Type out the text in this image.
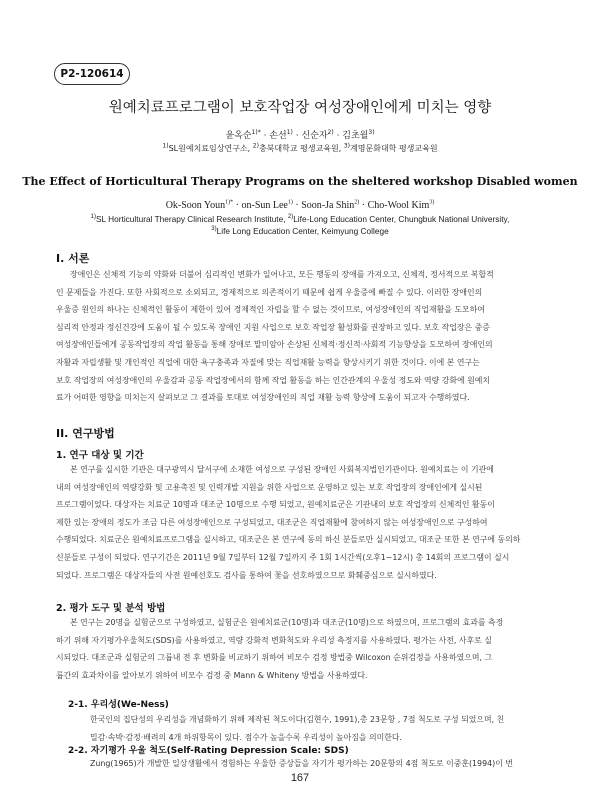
P2-120614
원예치료프로그램이 보호작업장 여성장애인에게 미치는 영향
윤옥순$^{1)*}$ · 손선$^{1)}$ · 신순자$^{2)}$ · 김초월$^{3)}$
$^{1)}$SL원예치료임상연구소, $^{2)}$충북대학교 평생교육원, $^{3)}$계명문화대학 평생교육원
The Effect of Horticultural Therapy Programs on the sheltered workshop Disabled women
Ok-Soon Youn$^{1)*}$ · on-Sun Lee$^{1)}$ · Soon-Ja Shin$^{2)}$ · Cho-Wool Kim$^{3)}$
$^{1)}$SL Horticultural Therapy Clinical Research Institute, $^{2)}$Life-Long Education Center, Chungbuk National University,
$^{3)}$Life Long Education Center, Keimyung College
I. 서론
장애인은 신체적 기능의 약화와 더불어 심리적인 변화가 일어나고, 모든 행동의 장애를 가져오고, 신체적, 정서적으로 복합적
인 문제들을 가진다. 또한 사회적으로 소외되고, 경제적으로 의존적이기 때문에 쉽게 우울증에 빠질 수 있다. 이러한 장애인의
우울증 원인의 하나는 신체적인 활동이 제한이 있어 경제적인 자립을 할 수 없는 것이므로, 여성장애인의 직업재활을 도모하여
심리적 안정과 정신건강에 도움이 될 수 있도록 장애인 지원 사업으로 보호 작업장 활성화를 권장하고 있다. 보호 작업장은 중증
여성장애인들에게 공동작업장의 작업 활동을 통해 장애로 말미암아 손상된 신체적·정신적·사회적 기능향상을 도모하여 장애인의
자활과 자립생활 및 개인적인 직업에 대한 욕구충족과 자질에 맞는 직업재활 능력을 향상시키기 위한 것이다. 이에 본 연구는
보호 작업장의 여성장애인의 우울감과 공동 작업장에서의 함께 작업 활동을 하는 인간관계의 우울성 정도와 역량 강화에 원예치
료가 어떠한 영향을 미치는지 살펴보고 그 결과를 토대로 여성장애인의 직업 재활 능력 향상에 도움이 되고자 수행하였다.
II. 연구방법
1. 연구 대상 및 기간
본 연구를 실시한 기관은 대구광역시 달서구에 소재한 여성으로 구성된 장애인 사회복지법인기관이다. 원예치료는 이 기관에
내의 여성장애인의 역량강화 및 고용촉진 및 인력개발 지원을 위한 사업으로 운영하고 있는 보호 작업장의 장애인에게 실시된
프로그램이었다. 대상자는 치료군 10명과 대조군 10명으로 수행 되었고, 원예치료군은 기관내의 보호 작업장의 신체적인 활동이
제한 있는 장애의 정도가 조금 다른 여성장애인으로 구성되었고, 대조군은 직업재활에 참여하지 않는 여성장애인으로 구성하여
수행되었다. 치료군은 원예치료프로그램을 실시하고, 대조군은 본 연구에 동의 하신 분들로만 실시되었고, 대조군 또한 본 연구에 동의하
신분들로 구성이 되었다. 연구기간은 2011년 9월 7일부터 12월 7일까지 주 1회 1시간씩(오후1~12시) 총 14회의 프로그램이 실시
되었다. 프로그램은 대상자들의 사전 원예선호도 검사를 통하여 꽃을 선호하였으므로 화훼중심으로 실시하였다.
2. 평가 도구 및 분석 방법
본 연구는 20명을 실험군으로 구성하였고, 실험군은 원예치료군(10명)과 대조군(10명)으로 하였으며, 프로그램의 효과를 측정
하기 위해 자기평가우울척도(SDS)를 사용하였고, 역량 강화적 변화척도와 우리성 측정지를 사용하였다. 평가는 사전, 사후로 실
시되었다. 대조군과 실험군의 그룹내 전 후 변화를 비교하기 위하여 비모수 검정 방법중 Wilcoxon 순위검정을 사용하였으며, 그
룹간의 효과차이를 알아보기 위하여 비모수 검정 중 Mann & Whiteny 방법을 사용하였다.
2-1. 우리성(We-Ness)
한국인의 집단성의 우리성을 개념화하기 위해 제작된 척도이다(김현수, 1991),총 23문항 , 7점 척도로 구성 되었으며, 친
밀감·속박·감정·배려의 4개 하위항목이 있다. 점수가 높을수록 우리성이 높아짐을 의미한다.
2-2. 자기평가 우울 척도(Self-Rating Depression Scale: SDS)
Zung(1965)가 개발한 일상생활에서 경험하는 우울한 증상들을 자기가 평가하는 20문항의 4점 척도로 이중훈(1994)이 번
167
